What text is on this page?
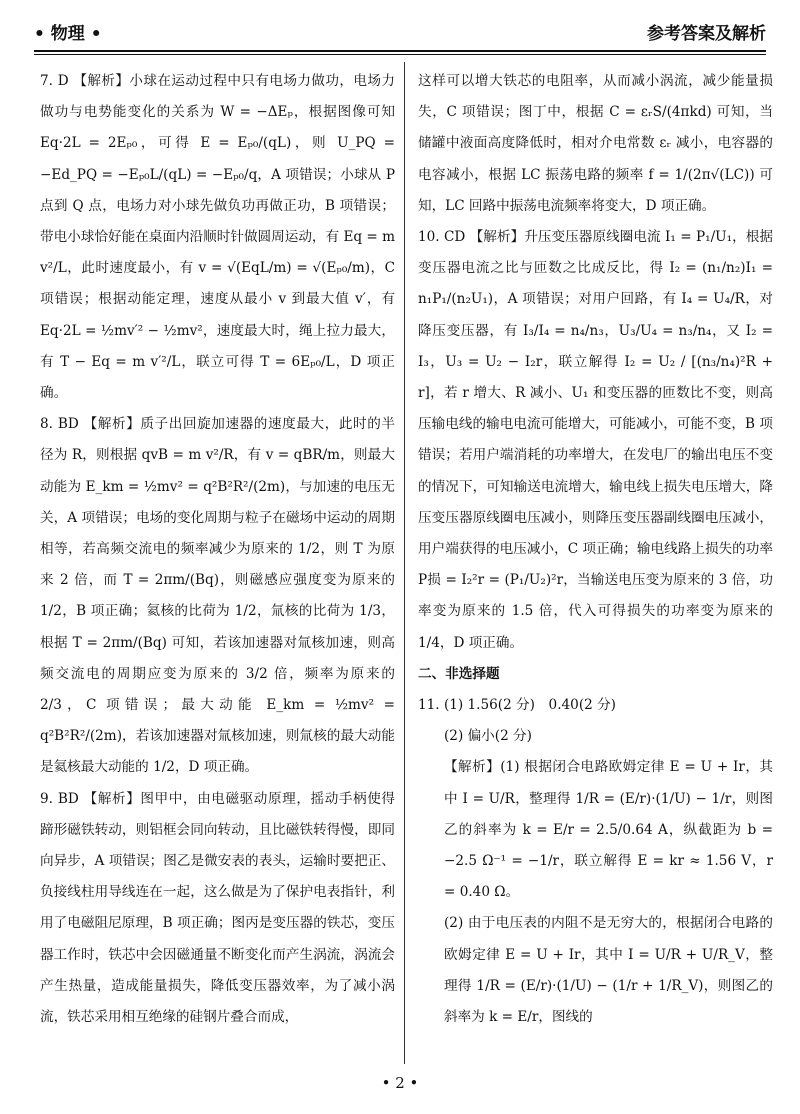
• 物理 •	参考答案及解析

7. D 【解析】小球在运动过程中只有电场力做功，电场力做功与电势能变化的关系为 W = −ΔEₚ，根据图像可知 Eq·2L = 2Eₚ₀，可得 E = Eₚ₀/(qL)，则 U_PQ = −Ed_PQ = −Eₚ₀L/(qL) = −Eₚ₀/q，A 项错误；小球从 P 点到 Q 点，电场力对小球先做负功再做正功，B 项错误；带电小球恰好能在桌面内沿顺时针做圆周运动，有 Eq = m v²/L，此时速度最小，有 v = √(EqL/m) = √(Eₚ₀/m)，C 项错误；根据动能定理，速度从最小 v 到最大值 v′，有 Eq·2L = ½mv′² − ½mv²，速度最大时，绳上拉力最大，有 T − Eq = m v′²/L，联立可得 T = 6Eₚ₀/L，D 项正确。

8. BD 【解析】质子出回旋加速器的速度最大，此时的半径为 R，则根据 qvB = m v²/R，有 v = qBR/m，则最大动能为 E_km = ½mv² = q²B²R²/(2m)，与加速的电压无关，A 项错误；电场的变化周期与粒子在磁场中运动的周期相等，若高频交流电的频率减少为原来的 1/2，则 T 为原来 2 倍，而 T = 2πm/(Bq)，则磁感应强度变为原来的 1/2，B 项正确；氦核的比荷为 1/2，氚核的比荷为 1/3，根据 T = 2πm/(Bq) 可知，若该加速器对氚核加速，则高频交流电的周期应变为原来的 3/2 倍，频率为原来的 2/3，C 项错误；最大动能 E_km = ½mv² = q²B²R²/(2m)，若该加速器对氚核加速，则氚核的最大动能是氦核最大动能的 1/2，D 项正确。

9. BD 【解析】图甲中，由电磁驱动原理，摇动手柄使得蹄形磁铁转动，则铝框会同向转动，且比磁铁转得慢，即同向异步，A 项错误；图乙是微安表的表头，运输时要把正、负接线柱用导线连在一起，这么做是为了保护电表指针，利用了电磁阻尼原理，B 项正确；图丙是变压器的铁芯，变压器工作时，铁芯中会因磁通量不断变化而产生涡流，涡流会产生热量，造成能量损失，降低变压器效率，为了减小涡流，铁芯采用相互绝缘的硅钢片叠合而成，

这样可以增大铁芯的电阻率，从而减小涡流，减少能量损失，C 项错误；图丁中，根据 C = εᵣS/(4πkd) 可知，当储罐中液面高度降低时，相对介电常数 εᵣ 减小，电容器的电容减小，根据 LC 振荡电路的频率 f = 1/(2π√(LC)) 可知，LC 回路中振荡电流频率将变大，D 项正确。

10. CD 【解析】升压变压器原线圈电流 I₁ = P₁/U₁，根据变压器电流之比与匝数之比成反比，得 I₂ = (n₁/n₂)I₁ = n₁P₁/(n₂U₁)，A 项错误；对用户回路，有 I₄ = U₄/R，对降压变压器，有 I₃/I₄ = n₄/n₃，U₃/U₄ = n₃/n₄，又 I₂ = I₃，U₃ = U₂ − I₂r，联立解得 I₂ = U₂ / [(n₃/n₄)²R + r]，若 r 增大、R 减小、U₁ 和变压器的匝数比不变，则高压输电线的输电电流可能增大，可能减小，可能不变，B 项错误；若用户端消耗的功率增大，在发电厂的输出电压不变的情况下，可知输送电流增大，输电线上损失电压增大，降压变压器原线圈电压减小，则降压变压器副线圈电压减小，用户端获得的电压减小，C 项正确；输电线路上损失的功率 P损 = I₂²r = (P₁/U₂)²r，当输送电压变为原来的 3 倍，功率变为原来的 1.5 倍，代入可得损失的功率变为原来的 1/4，D 项正确。

二、非选择题

11. (1) 1.56(2 分)　0.40(2 分)

(2) 偏小(2 分)

【解析】(1) 根据闭合电路欧姆定律 E = U + Ir，其中 I = U/R，整理得 1/R = (E/r)·(1/U) − 1/r，则图乙的斜率为 k = E/r = 2.5/0.64 A，纵截距为 b = −2.5 Ω⁻¹ = −1/r，联立解得 E = kr ≈ 1.56 V，r = 0.40 Ω。

(2) 由于电压表的内阻不是无穷大的，根据闭合电路的欧姆定律 E = U + Ir，其中 I = U/R + U/R_V，整理得 1/R = (E/r)·(1/U) − (1/r + 1/R_V)，则图乙的斜率为 k = E/r，图线的

• 2 •
